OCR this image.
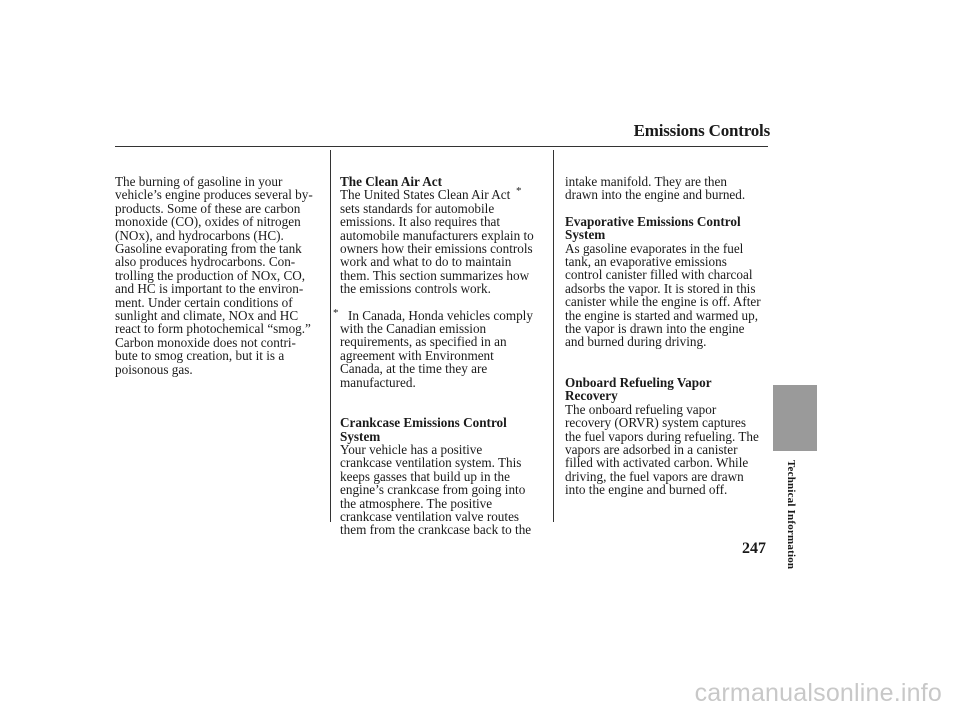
Emissions Controls

The burning of gasoline in your
vehicle’s engine produces several by-
products. Some of these are carbon
monoxide (CO), oxides of nitrogen
(NOx), and hydrocarbons (HC).
Gasoline evaporating from the tank
also produces hydrocarbons. Con-
trolling the production of NOx, CO,
and HC is important to the environ-
ment. Under certain conditions of
sunlight and climate, NOx and HC
react to form photochemical “smog.”
Carbon monoxide does not contri-
bute to smog creation, but it is a
poisonous gas.

The Clean Air Act

The United States Clean Air Act
sets standards for automobile
emissions. It also requires that
automobile manufacturers explain to
owners how their emissions controls
work and what to do to maintain
them. This section summarizes how
the emissions controls work.
*

* In Canada, Honda vehicles comply
with the Canadian emission
requirements, as specified in an
agreement with Environment
Canada, at the time they are
manufactured.

Crankcase Emissions Control
System

Your vehicle has a positive
crankcase ventilation system. This
keeps gasses that build up in the
engine’s crankcase from going into
the atmosphere. The positive
crankcase ventilation valve routes
them from the crankcase back to the

intake manifold. They are then
drawn into the engine and burned.

Evaporative Emissions Control
System

As gasoline evaporates in the fuel
tank, an evaporative emissions
control canister filled with charcoal
adsorbs the vapor. It is stored in this
canister while the engine is off. After
the engine is started and warmed up,
the vapor is drawn into the engine
and burned during driving.

Onboard Refueling Vapor
Recovery

The onboard refueling vapor
recovery (ORVR) system captures
the fuel vapors during refueling. The
vapors are adsorbed in a canister
filled with activated carbon. While
driving, the fuel vapors are drawn
into the engine and burned off.	Technical Information
247
carmanualsonline.info
